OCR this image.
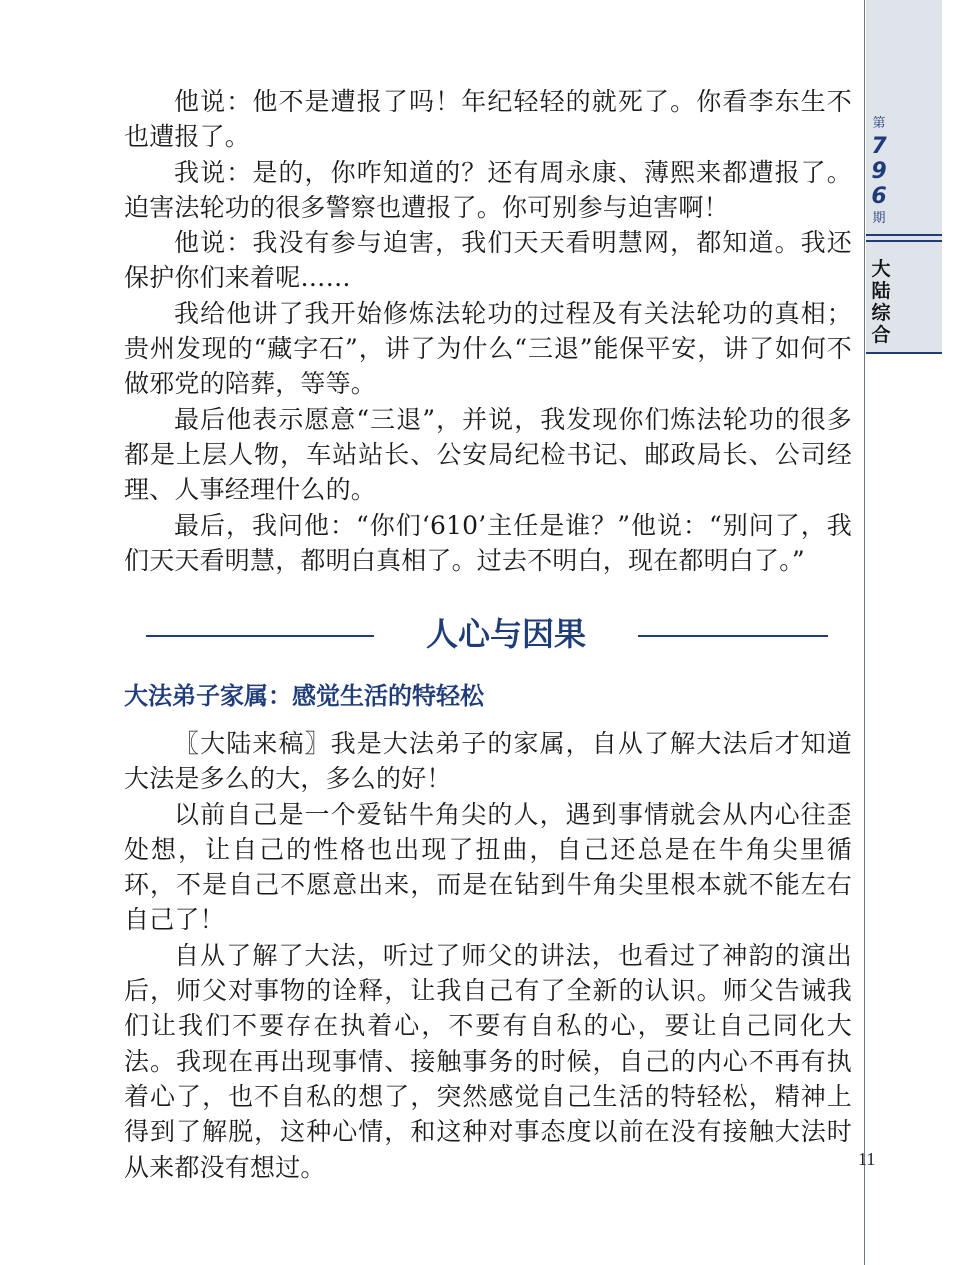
他说：他不是遭报了吗！年纪轻轻的就死了。你看李东生不也遭报了。

我说：是的，你咋知道的？还有周永康、薄熙来都遭报了。迫害法轮功的很多警察也遭报了。你可别参与迫害啊！

他说：我没有参与迫害，我们天天看明慧网，都知道。我还保护你们来着呢……

我给他讲了我开始修炼法轮功的过程及有关法轮功的真相；贵州发现的“藏字石”，讲了为什么“三退”能保平安，讲了如何不做邪党的陪葬，等等。

最后他表示愿意“三退”，并说，我发现你们炼法轮功的很多都是上层人物，车站站长、公安局纪检书记、邮政局长、公司经理、人事经理什么的。

最后，我问他：“你们‘610’主任是谁？”他说：“别问了，我们天天看明慧，都明白真相了。过去不明白，现在都明白了。”

人心与因果
大法弟子家属：感觉生活的特轻松

〖大陆来稿〗我是大法弟子的家属，自从了解大法后才知道大法是多么的大，多么的好！

以前自己是一个爱钻牛角尖的人，遇到事情就会从内心往歪处想，让自己的性格也出现了扭曲，自己还总是在牛角尖里循环，不是自己不愿意出来，而是在钻到牛角尖里根本就不能左右自己了！

自从了解了大法，听过了师父的讲法，也看过了神韵的演出后，师父对事物的诠释，让我自己有了全新的认识。师父告诫我们让我们不要存在执着心，不要有自私的心，要让自己同化大法。我现在再出现事情、接触事务的时候，自己的内心不再有执着心了，也不自私的想了，突然感觉自己生活的特轻松，精神上得到了解脱，这种心情，和这种对事态度以前在没有接触大法时从来都没有想过。

第
7
9
6
期
大
陆
综
合
11
